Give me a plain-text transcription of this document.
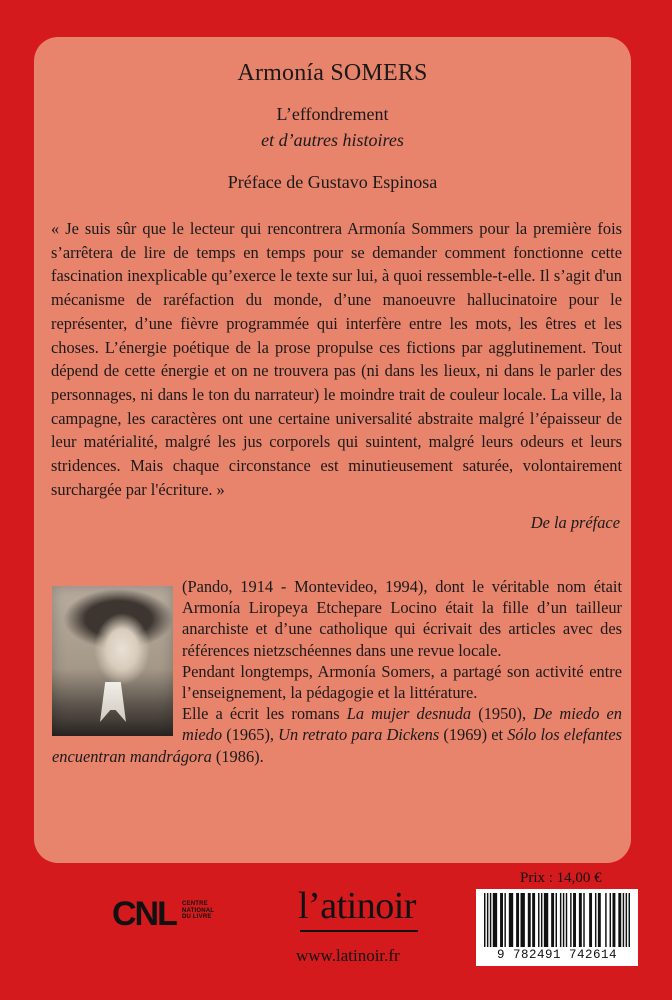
Armonía SOMERS
L’effondrement
et d’autres histoires
Préface de Gustavo Espinosa

« Je suis sûr que le lecteur qui rencontrera Armonía Sommers pour la première fois s’arrêtera de lire de temps en temps pour se demander comment fonctionne cette fascination inexplicable qu’exerce le texte sur lui, à quoi ressemble-t-elle. Il s’agit d'un mécanisme de raréfaction du monde, d’une manoeuvre hallucinatoire pour le représenter, d’une fièvre programmée qui interfère entre les mots, les êtres et les choses. L’énergie poétique de la prose propulse ces fictions par agglutinement. Tout dépend de cette énergie et on ne trouvera pas (ni dans les lieux, ni dans le parler des personnages, ni dans le ton du narrateur) le moindre trait de couleur locale. La ville, la campagne, les caractères ont une certaine universalité abstraite malgré l’épaisseur de leur matérialité, malgré les jus corporels qui suintent, malgré leurs odeurs et leurs stridences. Mais chaque circonstance est minutieusement saturée, volontairement surchargée par l'écriture. »

De la préface

(Pando, 1914 - Montevideo, 1994), dont le véritable nom était Armonía Liropeya Etchepare Locino était la fille d’un tailleur anarchiste et d’une catholique qui écrivait des articles avec des références nietzschéennes dans une revue locale.

Pendant longtemps, Armonía Somers, a partagé son activité entre l’enseignement, la pédagogie et la littérature.

Elle a écrit les romans La mujer desnuda (1950), De miedo en miedo (1965), Un retrato para Dickens (1969) et Sólo los elefantes encuentran mandrágora (1986).

CNL CENTRE
NATIONAL
DU LIVRE l’atinoir
www.latinoir.fr
Prix : 14,00 €
9 782491 742614
